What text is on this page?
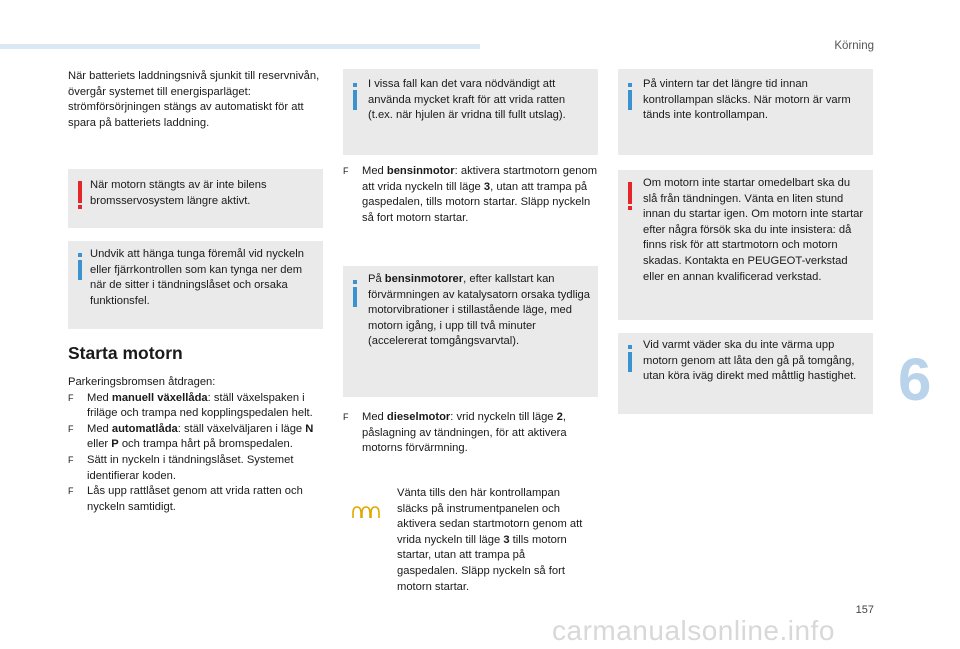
Körning
6
157
carmanualsonline.info
När batteriets laddningsnivå sjunkit till reservnivån, övergår systemet till energisparläget: strömförsörjningen stängs av automatiskt för att spara på batteriets laddning.
När motorn stängts av är inte bilens bromsservosystem längre aktivt.
Undvik att hänga tunga föremål vid nyckeln eller fjärrkontrollen som kan tynga ner dem när de sitter i tändningslåset och orsaka funktionsfel.
Starta motorn
Parkeringsbromsen åtdragen:
F Med manuell växellåda: ställ växelspaken i friläge och trampa ned kopplingspedalen helt.
F Med automatlåda: ställ växelväljaren i läge N eller P och trampa hårt på bromspedalen.
F Sätt in nyckeln i tändningslåset. Systemet identifierar koden.
F Lås upp rattlåset genom att vrida ratten och nyckeln samtidigt.
I vissa fall kan det vara nödvändigt att använda mycket kraft för att vrida ratten (t.ex. när hjulen är vridna till fullt utslag).
F Med bensinmotor: aktivera startmotorn genom att vrida nyckeln till läge 3, utan att trampa på gaspedalen, tills motorn startar. Släpp nyckeln så fort motorn startar.
På bensinmotorer, efter kallstart kan förvärmningen av katalysatorn orsaka tydliga motorvibrationer i stillastående läge, med motorn igång, i upp till två minuter (accelererat tomgångsvarvtal).
F Med dieselmotor: vrid nyckeln till läge 2, påslagning av tändningen, för att aktivera motorns förvärmning.
Vänta tills den här kontrollampan släcks på instrumentpanelen och aktivera sedan startmotorn genom att vrida nyckeln till läge 3 tills motorn startar, utan att trampa på gaspedalen. Släpp nyckeln så fort motorn startar.
På vintern tar det längre tid innan kontrollampan släcks. När motorn är varm tänds inte kontrollampan.
Om motorn inte startar omedelbart ska du slå från tändningen. Vänta en liten stund innan du startar igen. Om motorn inte startar efter några försök ska du inte insistera: då finns risk för att startmotorn och motorn skadas. Kontakta en PEUGEOT-verkstad eller en annan kvalificerad verkstad.
Vid varmt väder ska du inte värma upp motorn genom att låta den gå på tomgång, utan köra iväg direkt med måttlig hastighet.
